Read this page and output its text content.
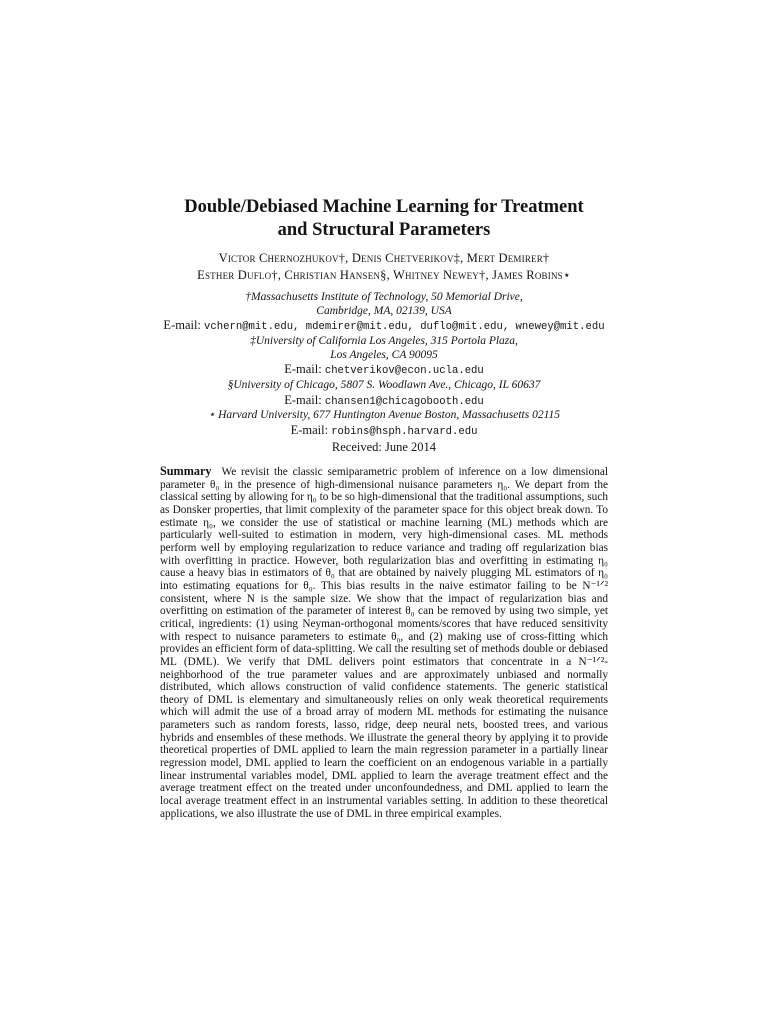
Double/Debiased Machine Learning for Treatment
and Structural Parameters
Victor Chernozhukov†, Denis Chetverikov‡, Mert Demirer†
Esther Duflo†, Christian Hansen§, Whitney Newey†, James Robins⋆
†Massachusetts Institute of Technology, 50 Memorial Drive,
Cambridge, MA, 02139, USA
E-mail: vchern@mit.edu, mdemirer@mit.edu, duflo@mit.edu, wnewey@mit.edu
‡University of California Los Angeles, 315 Portola Plaza,
Los Angeles, CA 90095
E-mail: chetverikov@econ.ucla.edu
§University of Chicago, 5807 S. Woodlawn Ave., Chicago, IL 60637
E-mail: chansen1@chicagobooth.edu
⋆ Harvard University, 677 Huntington Avenue Boston, Massachusetts 02115
E-mail: robins@hsph.harvard.edu
Received: June 2014
Summary We revisit the classic semiparametric problem of inference on a low dimensional parameter θ₀ in the presence of high-dimensional nuisance parameters η₀. We depart from the classical setting by allowing for η₀ to be so high-dimensional that the traditional assumptions, such as Donsker properties, that limit complexity of the parameter space for this object break down. To estimate η₀, we consider the use of statistical or machine learning (ML) methods which are particularly well-suited to estimation in modern, very high-dimensional cases. ML methods perform well by employing regularization to reduce variance and trading off regularization bias with overfitting in practice. However, both regularization bias and overfitting in estimating η₀ cause a heavy bias in estimators of θ₀ that are obtained by naively plugging ML estimators of η₀ into estimating equations for θ₀. This bias results in the naive estimator failing to be N⁻¹ᐟ² consistent, where N is the sample size. We show that the impact of regularization bias and overfitting on estimation of the parameter of interest θ₀ can be removed by using two simple, yet critical, ingredients: (1) using Neyman-orthogonal moments/scores that have reduced sensitivity with respect to nuisance parameters to estimate θ₀, and (2) making use of cross-fitting which provides an efficient form of data-splitting. We call the resulting set of methods double or debiased ML (DML). We verify that DML delivers point estimators that concentrate in a N⁻¹ᐟ²-neighborhood of the true parameter values and are approximately unbiased and normally distributed, which allows construction of valid confidence statements. The generic statistical theory of DML is elementary and simultaneously relies on only weak theoretical requirements which will admit the use of a broad array of modern ML methods for estimating the nuisance parameters such as random forests, lasso, ridge, deep neural nets, boosted trees, and various hybrids and ensembles of these methods. We illustrate the general theory by applying it to provide theoretical properties of DML applied to learn the main regression parameter in a partially linear regression model, DML applied to learn the coefficient on an endogenous variable in a partially linear instrumental variables model, DML applied to learn the average treatment effect and the average treatment effect on the treated under unconfoundedness, and DML applied to learn the local average treatment effect in an instrumental variables setting. In addition to these theoretical applications, we also illustrate the use of DML in three empirical examples.
